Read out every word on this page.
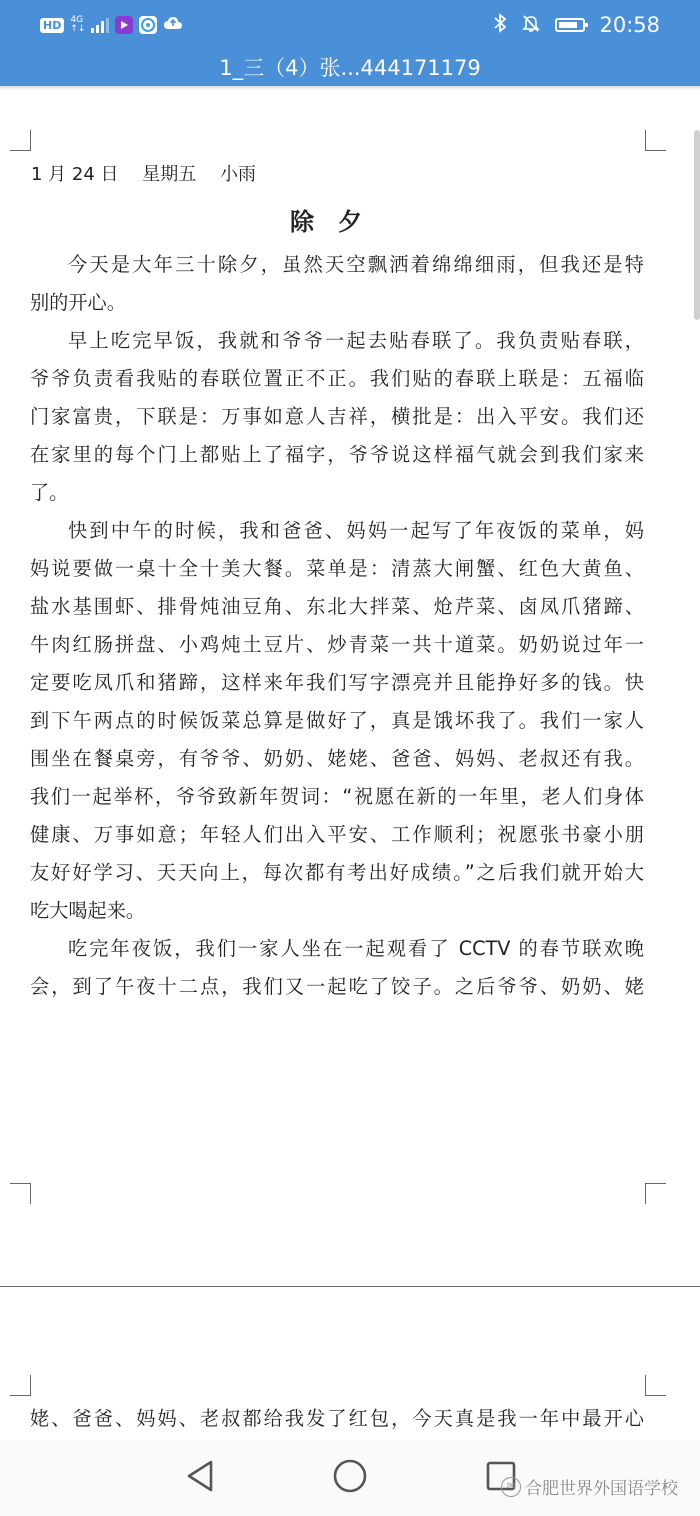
HD	4G
↑↓	20:58
1_三（4）张...444171179
1 月 24 日　 星期五　 小雨
除夕
今天是大年三十除夕，虽然天空飘洒着绵绵细雨，但我还是特
别的开心。
早上吃完早饭，我就和爷爷一起去贴春联了。我负责贴春联，
爷爷负责看我贴的春联位置正不正。我们贴的春联上联是：五福临
门家富贵，下联是：万事如意人吉祥，横批是：出入平安。我们还
在家里的每个门上都贴上了福字，爷爷说这样福气就会到我们家来
了。
快到中午的时候，我和爸爸、妈妈一起写了年夜饭的菜单，妈
妈说要做一桌十全十美大餐。菜单是：清蒸大闸蟹、红色大黄鱼、
盐水基围虾、排骨炖油豆角、东北大拌菜、炝芹菜、卤凤爪猪蹄、
牛肉红肠拼盘、小鸡炖土豆片、炒青菜一共十道菜。奶奶说过年一
定要吃凤爪和猪蹄，这样来年我们写字漂亮并且能挣好多的钱。快
到下午两点的时候饭菜总算是做好了，真是饿坏我了。我们一家人
围坐在餐桌旁，有爷爷、奶奶、姥姥、爸爸、妈妈、老叔还有我。
我们一起举杯，爷爷致新年贺词：“祝愿在新的一年里，老人们身体
健康、万事如意；年轻人们出入平安、工作顺利；祝愿张书豪小朋
友好好学习、天天向上，每次都有考出好成绩。”之后我们就开始大
吃大喝起来。
吃完年夜饭，我们一家人坐在一起观看了 CCTV 的春节联欢晚
会，到了午夜十二点，我们又一起吃了饺子。之后爷爷、奶奶、姥
姥、爸爸、妈妈、老叔都给我发了红包，今天真是我一年中最开心
✉ 合肥世界外国语学校
